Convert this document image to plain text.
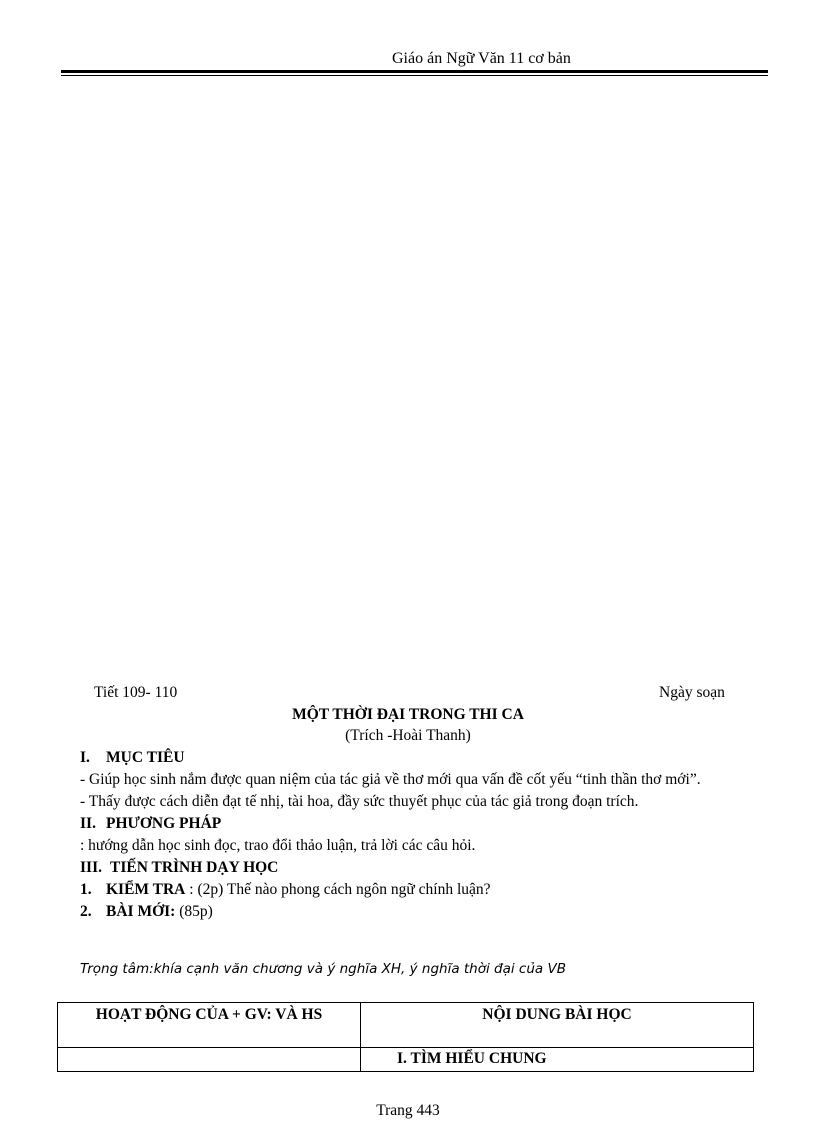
Giáo án Ngữ Văn 11 cơ bản
Tiết 109- 110	Ngày soạn
MỘT THỜI ĐẠI TRONG THI CA
(Trích -Hoài Thanh)
I. MỤC TIÊU
- Giúp học sinh nắm được quan niệm của tác giả về thơ mới qua vấn đề cốt yếu “tinh thần thơ mới”.
- Thấy được cách diễn đạt tế nhị, tài hoa, đầy sức thuyết phục của tác giả trong đoạn trích.
II. PHƯƠNG PHÁP
: hướng dẫn học sinh đọc, trao đổi thảo luận, trả lời các câu hỏi.
III. TIẾN TRÌNH DẠY HỌC
1. KIỂM TRA : (2p) Thế nào phong cách ngôn ngữ chính luận?
2. BÀI MỚI: (85p)
Trọng tâm:khía cạnh văn chương và ý nghĩa XH, ý nghĩa thời đại của VB
HOẠT ĐỘNG CỦA + GV: VÀ HS	NỘI DUNG BÀI HỌC
	I. TÌM HIỂU CHUNG
Trang 443
